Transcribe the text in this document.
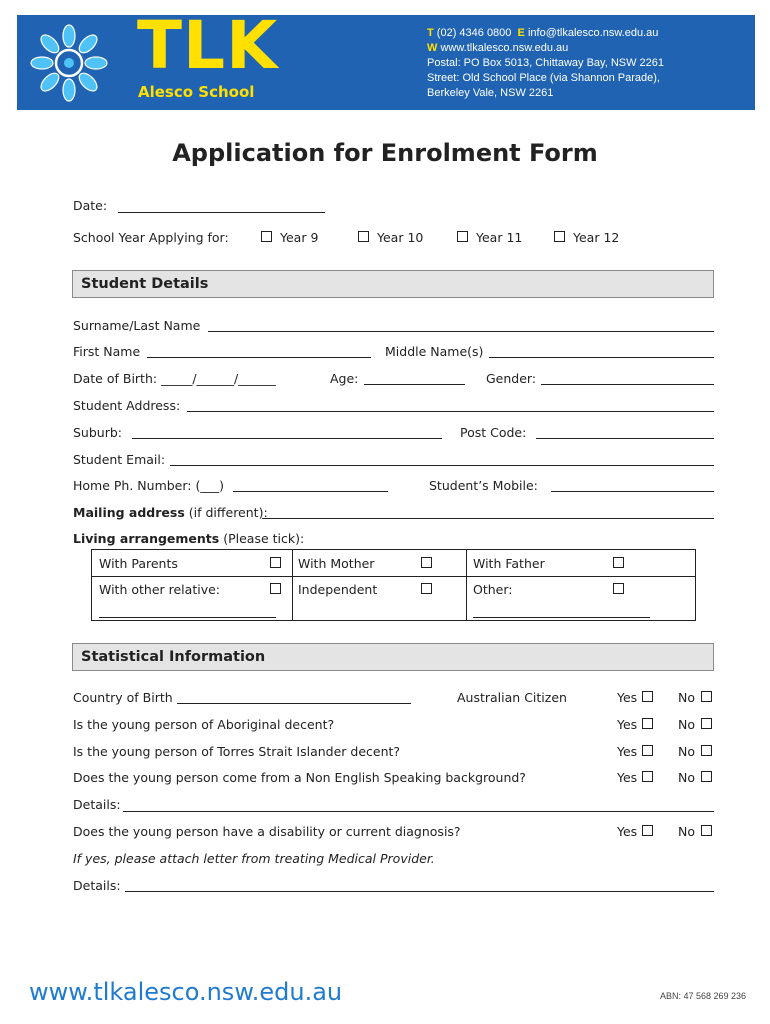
TLK
Alesco School
T (02) 4346 0800 E info@tlkalesco.nsw.edu.au
W www.tlkalesco.nsw.edu.au
Postal: PO Box 5013, Chittaway Bay, NSW 2261
Street: Old School Place (via Shannon Parade),
Berkeley Vale, NSW 2261
Application for Enrolment Form
Date:
School Year Applying for:	Year 9	Year 10	Year 11	Year 12
Student Details
Surname/Last Name
First Name	Middle Name(s)
Date of Birth: _____/______/______	Age:	Gender:
Student Address:
Suburb:	Post Code:
Student Email:
Home Ph. Number: (___)	Student’s Mobile:
Mailing address (if different):
Living arrangements (Please tick):
With Parents	With Mother	With Father
With other relative:	Independent	Other:
Statistical Information
Country of Birth	Australian Citizen	Yes	No
Is the young person of Aboriginal decent?	Yes	No
Is the young person of Torres Strait Islander decent?	Yes	No
Does the young person come from a Non English Speaking background?	Yes	No
Details:
Does the young person have a disability or current diagnosis?	Yes	No
If yes, please attach letter from treating Medical Provider.
Details:
www.tlkalesco.nsw.edu.au	ABN: 47 568 269 236
